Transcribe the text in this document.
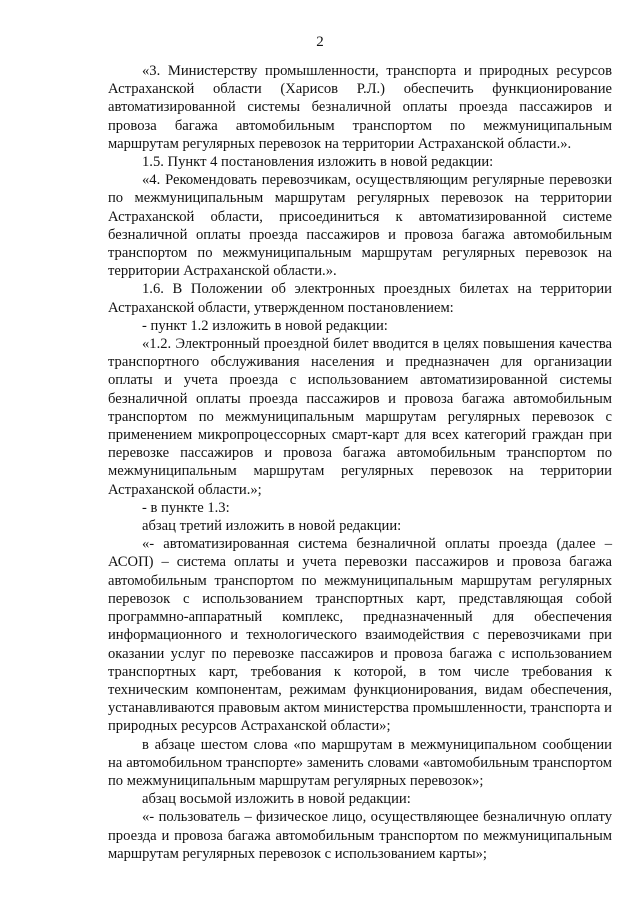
2

«3. Министерству промышленности, транспорта и природных ресурсов Астраханской области (Харисов Р.Л.) обеспечить функционирование автоматизированной системы безналичной оплаты проезда пассажиров и провоза багажа автомобильным транспортом по межмуниципальным маршрутам регулярных перевозок на территории Астраханской области.».

1.5. Пункт 4 постановления изложить в новой редакции:

«4. Рекомендовать перевозчикам, осуществляющим регулярные перевозки по межмуниципальным маршрутам регулярных перевозок на территории Астраханской области, присоединиться к автоматизированной системе безналичной оплаты проезда пассажиров и провоза багажа автомобильным транспортом по межмуниципальным маршрутам регулярных перевозок на территории Астраханской области.».

1.6. В Положении об электронных проездных билетах на территории Астраханской области, утвержденном постановлением:

- пункт 1.2 изложить в новой редакции:

«1.2. Электронный проездной билет вводится в целях повышения качества транспортного обслуживания населения и предназначен для организации оплаты и учета проезда с использованием автоматизированной системы безналичной оплаты проезда пассажиров и провоза багажа автомобильным транспортом по межмуниципальным маршрутам регулярных перевозок с применением микропроцессорных смарт-карт для всех категорий граждан при перевозке пассажиров и провоза багажа автомобильным транспортом по межмуниципальным маршрутам регулярных перевозок на территории Астраханской области.»;

- в пункте 1.3:

абзац третий изложить в новой редакции:

«- автоматизированная система безналичной оплаты проезда (далее – АСОП) – система оплаты и учета перевозки пассажиров и провоза багажа автомобильным транспортом по межмуниципальным маршрутам регулярных перевозок с использованием транспортных карт, представляющая собой программно-аппаратный комплекс, предназначенный для обеспечения информационного и технологического взаимодействия с перевозчиками при оказании услуг по перевозке пассажиров и провоза багажа с использованием транспортных карт, требования к которой, в том числе требования к техническим компонентам, режимам функционирования, видам обеспечения, устанавливаются правовым актом министерства промышленности, транспорта и природных ресурсов Астраханской области»;

в абзаце шестом слова «по маршрутам в межмуниципальном сообщении на автомобильном транспорте» заменить словами «автомобильным транспортом по межмуниципальным маршрутам регулярных перевозок»;

абзац восьмой изложить в новой редакции:

«- пользователь – физическое лицо, осуществляющее безналичную оплату проезда и провоза багажа автомобильным транспортом по межмуниципальным маршрутам регулярных перевозок с использованием карты»;
